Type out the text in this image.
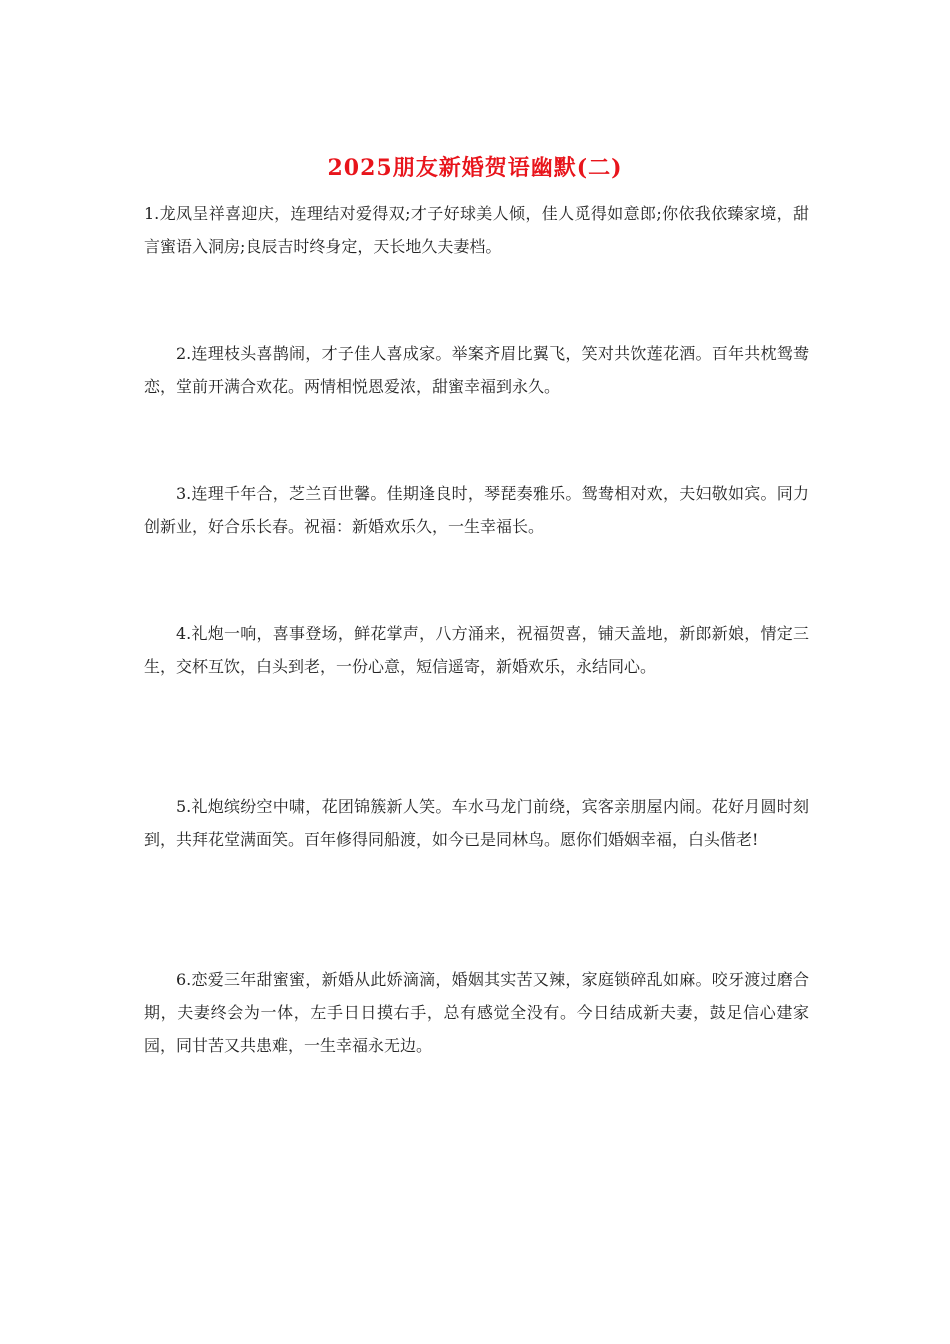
2025朋友新婚贺语幽默(二)

1.龙凤呈祥喜迎庆，连理结对爱得双;才子好球美人倾，佳人觅得如意郎;你依我依臻家境，甜言蜜语入洞房;良辰吉时终身定，天长地久夫妻档。

2.连理枝头喜鹊闹，才子佳人喜成家。举案齐眉比翼飞，笑对共饮莲花酒。百年共枕鸳鸯恋，堂前开满合欢花。两情相悦恩爱浓，甜蜜幸福到永久。

3.连理千年合，芝兰百世馨。佳期逢良时，琴琵奏雅乐。鸳鸯相对欢，夫妇敬如宾。同力创新业，好合乐长春。祝福：新婚欢乐久，一生幸福长。

4.礼炮一响，喜事登场，鲜花掌声，八方涌来，祝福贺喜，铺天盖地，新郎新娘，情定三生，交杯互饮，白头到老，一份心意，短信遥寄，新婚欢乐，永结同心。

5.礼炮缤纷空中啸，花团锦簇新人笑。车水马龙门前绕，宾客亲朋屋内闹。花好月圆时刻到，共拜花堂满面笑。百年修得同船渡，如今已是同林鸟。愿你们婚姻幸福，白头偕老!

6.恋爱三年甜蜜蜜，新婚从此娇滴滴，婚姻其实苦又辣，家庭锁碎乱如麻。咬牙渡过磨合期，夫妻终会为一体，左手日日摸右手，总有感觉全没有。今日结成新夫妻，鼓足信心建家园，同甘苦又共患难，一生幸福永无边。
